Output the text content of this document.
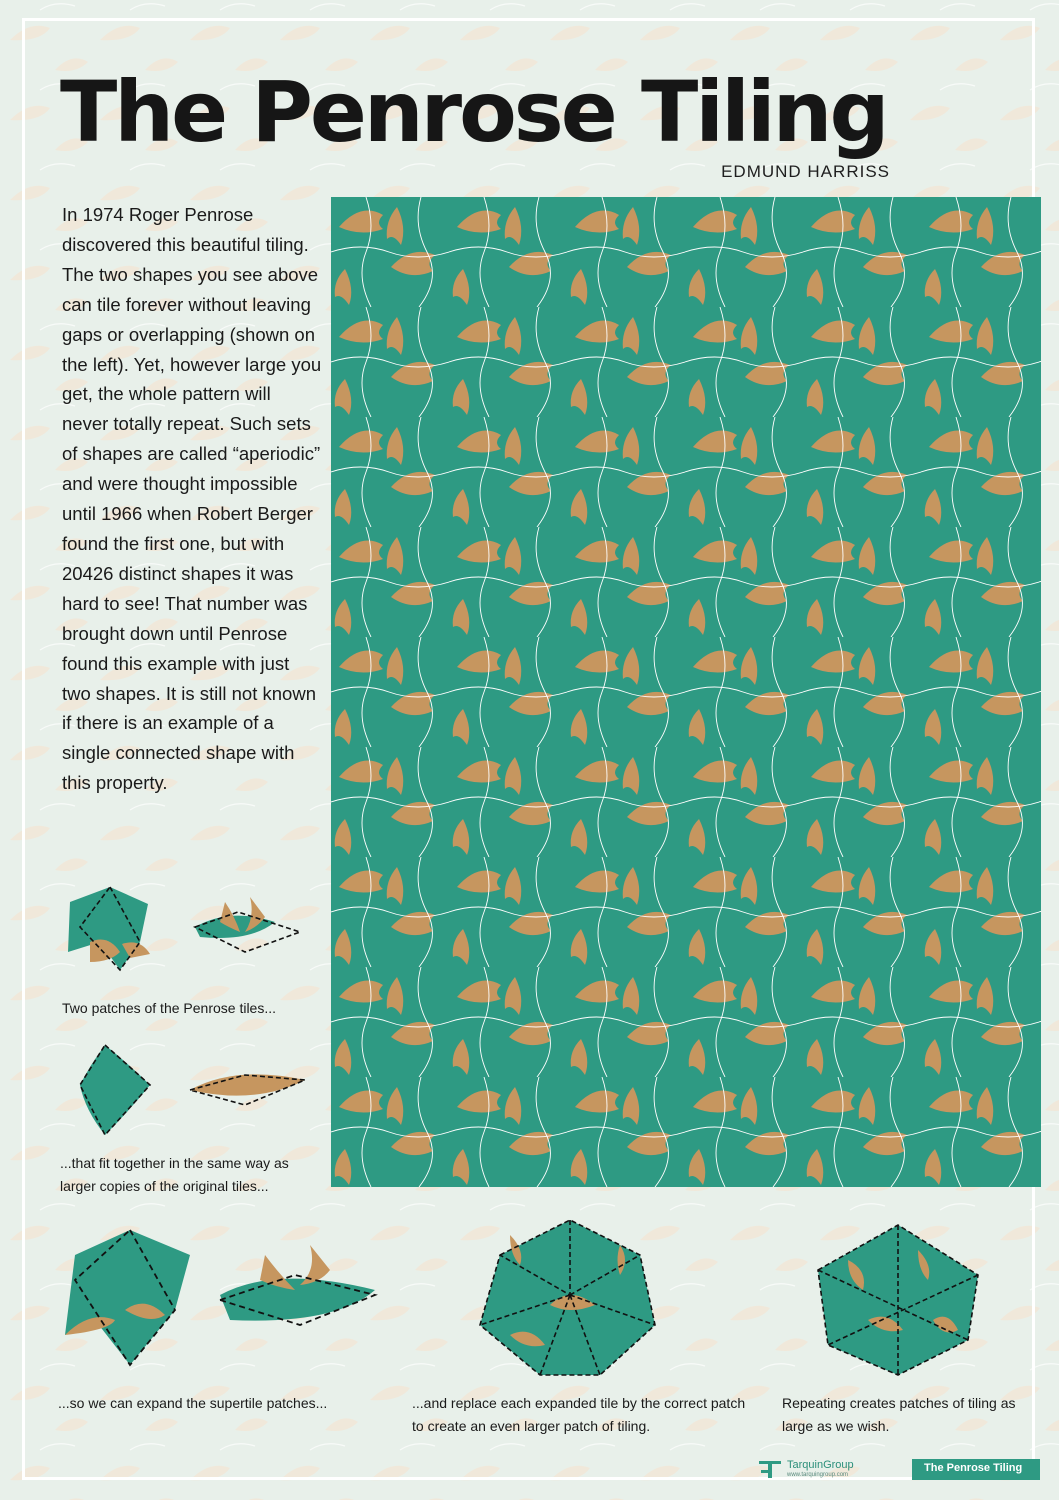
The Penrose Tiling
EDMUND HARRISS

In 1974 Roger Penrose discovered this beautiful tiling. The two shapes you see above can tile forever without leaving gaps or overlapping (shown on the left). Yet, however large you get, the whole pattern will never totally repeat. Such sets of shapes are called “aperiodic” and were thought impossible until 1966 when Robert Berger found the first one, but with 20426 distinct shapes it was hard to see! That number was brought down until Penrose found this example with just two shapes. It is still not known if there is an example of a single connected shape with this property.

Two patches of the Penrose tiles...

...that fit together in the same way as larger copies of the original tiles...

...so we can expand the supertile patches...	...and replace each expanded tile by the correct patch to create an even larger patch of tiling.

Repeating creates patches of tiling as large as we wish.

TarquinGroup
www.tarquingroup.com
The Penrose Tiling
